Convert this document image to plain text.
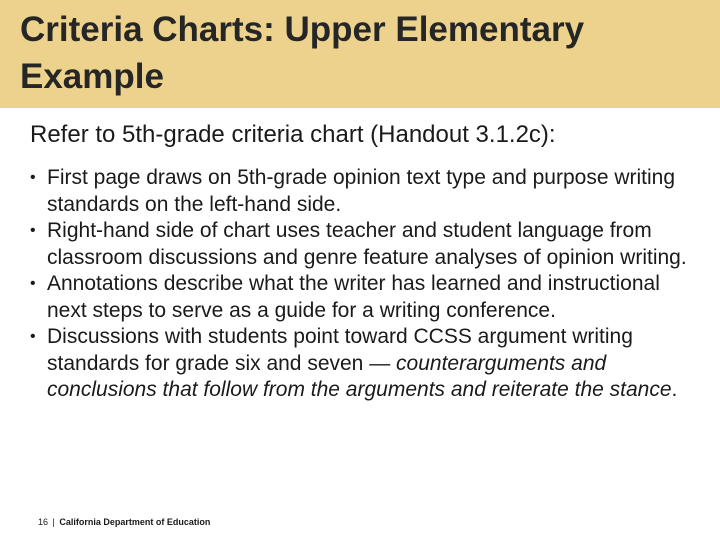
Criteria Charts: Upper Elementary Example

Refer to 5th-grade criteria chart (Handout 3.1.2c):

• First page draws on 5th-grade opinion text type and purpose writing standards on the left-hand side.
• Right-hand side of chart uses teacher and student language from classroom discussions and genre feature analyses of opinion writing.
• Annotations describe what the writer has learned and instructional next steps to serve as a guide for a writing conference.
• Discussions with students point toward CCSS argument writing standards for grade six and seven — counterarguments and conclusions that follow from the arguments and reiterate the stance.
16 | California Department of Education
